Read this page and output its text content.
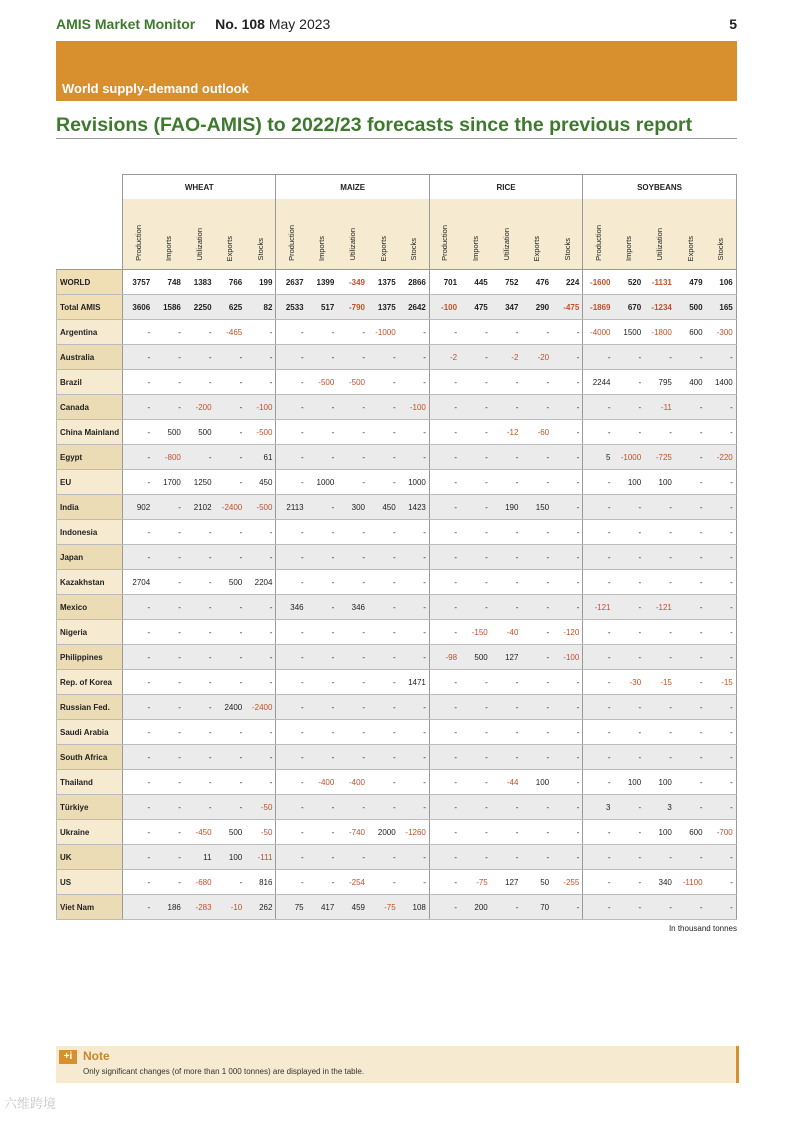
AMIS Market Monitor No. 108 May 2023	5
World supply-demand outlook
Revisions (FAO-AMIS) to 2022/23 forecasts since the previous report
	WHEAT					MAIZE					RICE					SOYBEANS				
	Production	Imports	Utilization	Exports	Stocks	Production	Imports	Utilization	Exports	Stocks	Production	Imports	Utilization	Exports	Stocks	Production	Imports	Utilization	Exports	Stocks
WORLD	3757	748	1383	766	199	2637	1399	-349	1375	2866	701	445	752	476	224	-1600	520	-1131	479	106
Total AMIS	3606	1586	2250	625	82	2533	517	-790	1375	2642	-100	475	347	290	-475	-1869	670	-1234	500	165
Argentina	-	-	-	-465	-	-	-	-	-1000	-	-	-	-	-	-	-4000	1500	-1800	600	-300
Australia	-	-	-	-	-	-	-	-	-	-	-2	-	-2	-20	-	-	-	-	-	-
Brazil	-	-	-	-	-	-	-500	-500	-	-	-	-	-	-	-	2244	-	795	400	1400
Canada	-	-	-200	-	-100	-	-	-	-	-100	-	-	-	-	-	-	-	-11	-	-
China Mainland	-	500	500	-	-500	-	-	-	-	-	-	-	-12	-60	-	-	-	-	-	-
Egypt	-	-800	-	-	61	-	-	-	-	-	-	-	-	-	-	5	-1000	-725	-	-220
EU	-	1700	1250	-	450	-	1000	-	-	1000	-	-	-	-	-	-	100	100	-	-
India	902	-	2102	-2400	-500	2113	-	300	450	1423	-	-	190	150	-	-	-	-	-	-
Indonesia	-	-	-	-	-	-	-	-	-	-	-	-	-	-	-	-	-	-	-	-
Japan	-	-	-	-	-	-	-	-	-	-	-	-	-	-	-	-	-	-	-	-
Kazakhstan	2704	-	-	500	2204	-	-	-	-	-	-	-	-	-	-	-	-	-	-	-
Mexico	-	-	-	-	-	346	-	346	-	-	-	-	-	-	-	-121	-	-121	-	-
Nigeria	-	-	-	-	-	-	-	-	-	-	-	-150	-40	-	-120	-	-	-	-	-
Philippines	-	-	-	-	-	-	-	-	-	-	-98	500	127	-	-100	-	-	-	-	-
Rep. of Korea	-	-	-	-	-	-	-	-	-	1471	-	-	-	-	-	-	-30	-15	-	-15
Russian Fed.	-	-	-	2400	-2400	-	-	-	-	-	-	-	-	-	-	-	-	-	-	-
Saudi Arabia	-	-	-	-	-	-	-	-	-	-	-	-	-	-	-	-	-	-	-	-
South Africa	-	-	-	-	-	-	-	-	-	-	-	-	-	-	-	-	-	-	-	-
Thailand	-	-	-	-	-	-	-400	-400	-	-	-	-	-44	100	-	-	100	100	-	-
Türkiye	-	-	-	-	-50	-	-	-	-	-	-	-	-	-	-	3	-	3	-	-
Ukraine	-	-	-450	500	-50	-	-	-740	2000	-1260	-	-	-	-	-	-	-	100	600	-700
UK	-	-	11	100	-111	-	-	-	-	-	-	-	-	-	-	-	-	-	-	-
US	-	-	-680	-	816	-	-	-254	-	-	-	-75	127	50	-255	-	-	340	-1100	-
Viet Nam	-	186	-283	-10	262	75	417	459	-75	108	-	200	-	70	-	-	-	-	-	-
In thousand tonnes
+i Note
Only significant changes (of more than 1 000 tonnes) are displayed in the table.
六维跨境
